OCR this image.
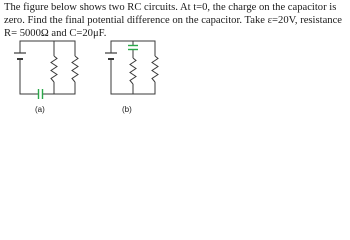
The figure below shows two RC circuits. At t=0, the charge on the capacitor is zero. Find the final potential difference on the capacitor. Take ε=20V, resistance R= 5000Ω and C=20μF.

(a)	(b)
